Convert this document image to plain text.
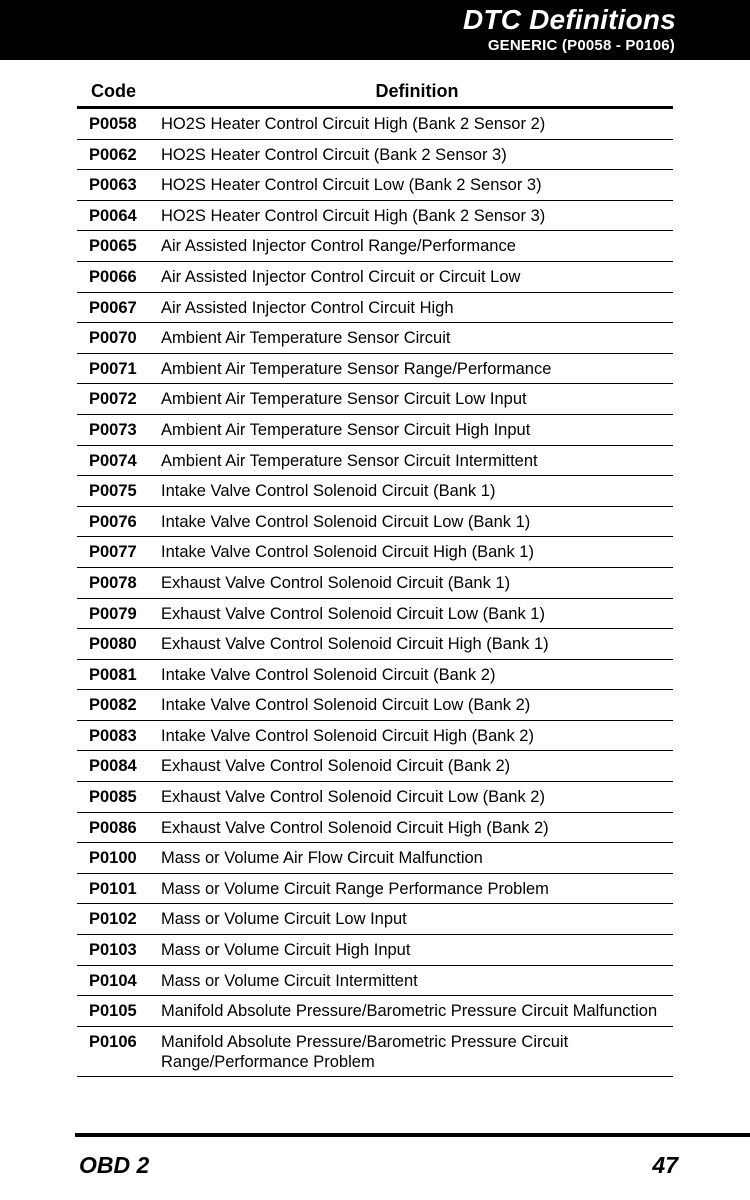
DTC Definitions
GENERIC (P0058 - P0106)
Code	Definition
P0058	HO2S Heater Control Circuit High (Bank 2 Sensor 2)
P0062	HO2S Heater Control Circuit (Bank 2 Sensor 3)
P0063	HO2S Heater Control Circuit Low (Bank 2 Sensor 3)
P0064	HO2S Heater Control Circuit High (Bank 2 Sensor 3)
P0065	Air Assisted Injector Control Range/Performance
P0066	Air Assisted Injector Control Circuit or Circuit Low
P0067	Air Assisted Injector Control Circuit High
P0070	Ambient Air Temperature Sensor Circuit
P0071	Ambient Air Temperature Sensor Range/Performance
P0072	Ambient Air Temperature Sensor Circuit Low Input
P0073	Ambient Air Temperature Sensor Circuit High Input
P0074	Ambient Air Temperature Sensor Circuit Intermittent
P0075	Intake Valve Control Solenoid Circuit (Bank 1)
P0076	Intake Valve Control Solenoid Circuit Low (Bank 1)
P0077	Intake Valve Control Solenoid Circuit High (Bank 1)
P0078	Exhaust Valve Control Solenoid Circuit (Bank 1)
P0079	Exhaust Valve Control Solenoid Circuit Low (Bank 1)
P0080	Exhaust Valve Control Solenoid Circuit High (Bank 1)
P0081	Intake Valve Control Solenoid Circuit (Bank 2)
P0082	Intake Valve Control Solenoid Circuit Low (Bank 2)
P0083	Intake Valve Control Solenoid Circuit High (Bank 2)
P0084	Exhaust Valve Control Solenoid Circuit (Bank 2)
P0085	Exhaust Valve Control Solenoid Circuit Low (Bank 2)
P0086	Exhaust Valve Control Solenoid Circuit High (Bank 2)
P0100	Mass or Volume Air Flow Circuit Malfunction
P0101	Mass or Volume Circuit Range Performance Problem
P0102	Mass or Volume Circuit Low Input
P0103	Mass or Volume Circuit High Input
P0104	Mass or Volume Circuit Intermittent
P0105	Manifold Absolute Pressure/Barometric Pressure Circuit Malfunction
P0106	Manifold Absolute Pressure/Barometric Pressure Circuit Range/Performance Problem
OBD 2	47
